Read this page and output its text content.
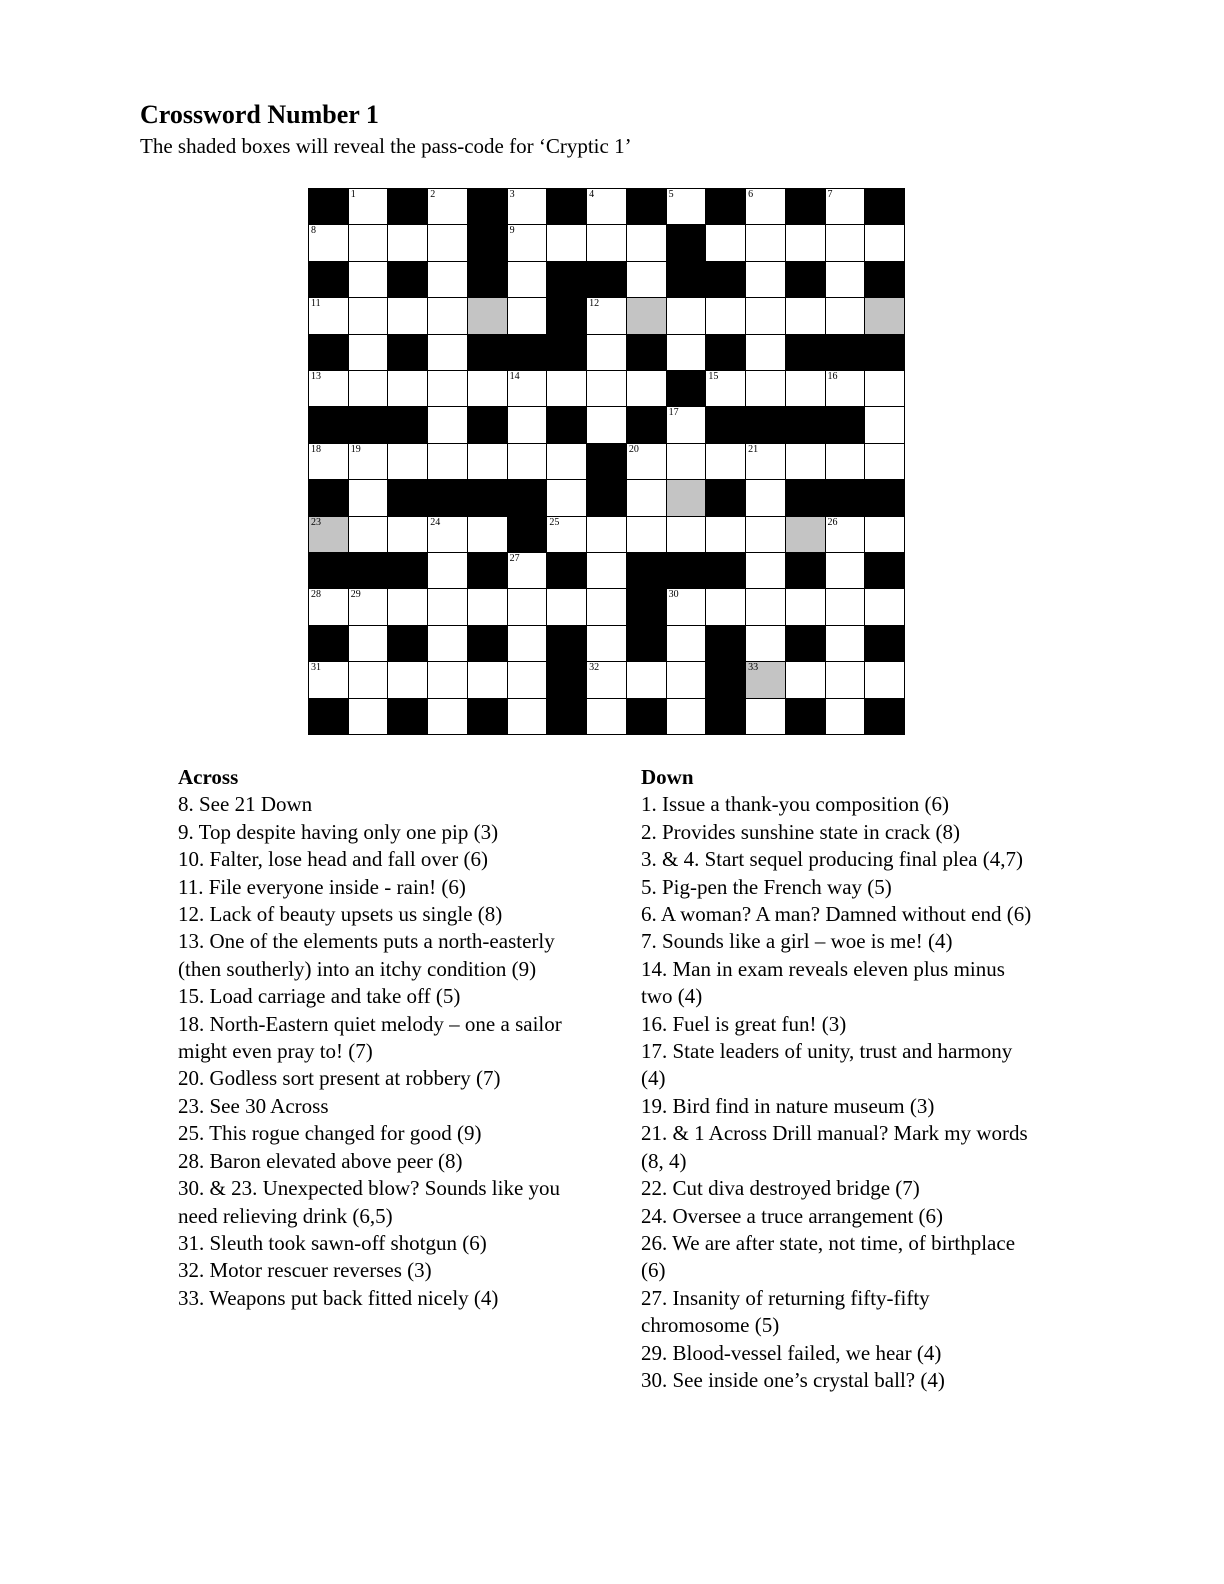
Crossword Number 1
The shaded boxes will reveal the pass-code for ‘Cryptic 1’
1	2	3	4	5	6	7
8	9	10
11	12
13	14	15	16
17
18	19	20	21
22
23	24	25	26
27
28	29	30
31	32	33
Across

8. See 21 Down

9. Top despite having only one pip (3)

10. Falter, lose head and fall over (6)

11. File everyone inside - rain! (6)

12. Lack of beauty upsets us single (8)

13. One of the elements puts a north-easterly (then southerly) into an itchy condition (9)

15. Load carriage and take off (5)

18. North-Eastern quiet melody – one a sailor might even pray to! (7)

20. Godless sort present at robbery (7)

23. See 30 Across

25. This rogue changed for good (9)

28. Baron elevated above peer (8)

30. & 23. Unexpected blow? Sounds like you need relieving drink (6,5)

31. Sleuth took sawn-off shotgun (6)

32. Motor rescuer reverses (3)

33. Weapons put back fitted nicely (4)

Down

1. Issue a thank-you composition (6)

2. Provides sunshine state in crack (8)

3. & 4. Start sequel producing final plea (4,7)

5. Pig-pen the French way (5)

6. A woman? A man? Damned without end (6)

7. Sounds like a girl – woe is me! (4)

14. Man in exam reveals eleven plus minus two (4)

16. Fuel is great fun! (3)

17. State leaders of unity, trust and harmony (4)

19. Bird find in nature museum (3)

21. & 1 Across Drill manual? Mark my words (8, 4)

22. Cut diva destroyed bridge (7)

24. Oversee a truce arrangement (6)

26. We are after state, not time, of birthplace (6)

27. Insanity of returning fifty-fifty chromosome (5)

29. Blood-vessel failed, we hear (4)

30. See inside one’s crystal ball? (4)
